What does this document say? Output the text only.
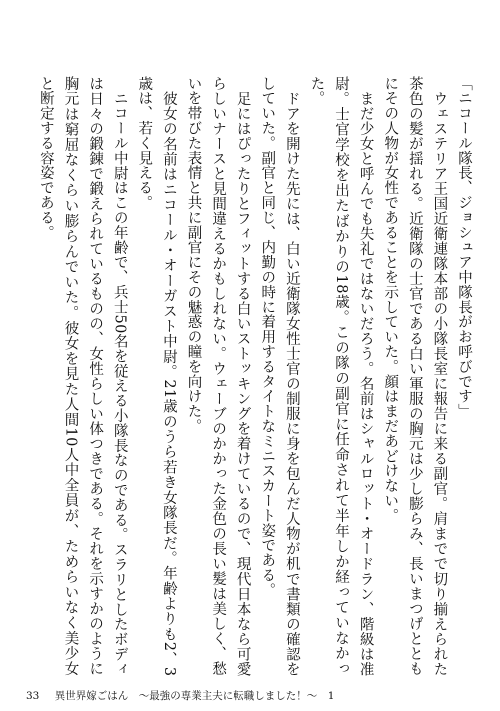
「ニコール隊長、ジョシュア中隊長がお呼びです」

ウェステリア王国近衛連隊本部の小隊長室に報告に来る副官。肩までで切り揃えられた茶色の髪が揺れる。近衛隊の士官である白い軍服の胸元は少し膨らみ、長いまつげとともにその人物が女性であることを示していた。顔はまだあどけない。

まだ少女と呼んでも失礼ではないだろう。名前はシャルロット・オードラン、階級は准尉。士官学校を出たばかりの18歳。この隊の副官に任命されて半年しか経っていなかった。

ドアを開けた先には、白い近衛隊女性士官の制服に身を包んだ人物が机で書類の確認をしていた。副官と同じ、内勤の時に着用するタイトなミニスカート姿である。

足にはぴったりとフィットする白いストッキングを着けているので、現代日本なら可愛らしいナースと見間違えるかもしれない。ウェーブのかかった金色の長い髪は美しく、愁いを帯びた表情と共に副官にその魅惑の瞳を向けた。

彼女の名前はニコール・オーガスト中尉。21歳のうら若き女隊長だ。年齢よりも2、3歳は、若く見える。

ニコール中尉はこの年齢で、兵士50名を従える小隊長なのである。スラリとしたボディは日々の鍛錬で鍛えられているものの、女性らしい体つきである。それを示すかのように胸元は窮屈なくらい膨らんでいた。彼女を見た人間10人中全員が、ためらいなく美少女と断定する容姿である。

33 異世界嫁ごはん　～最強の専業主夫に転職しました！～　1
